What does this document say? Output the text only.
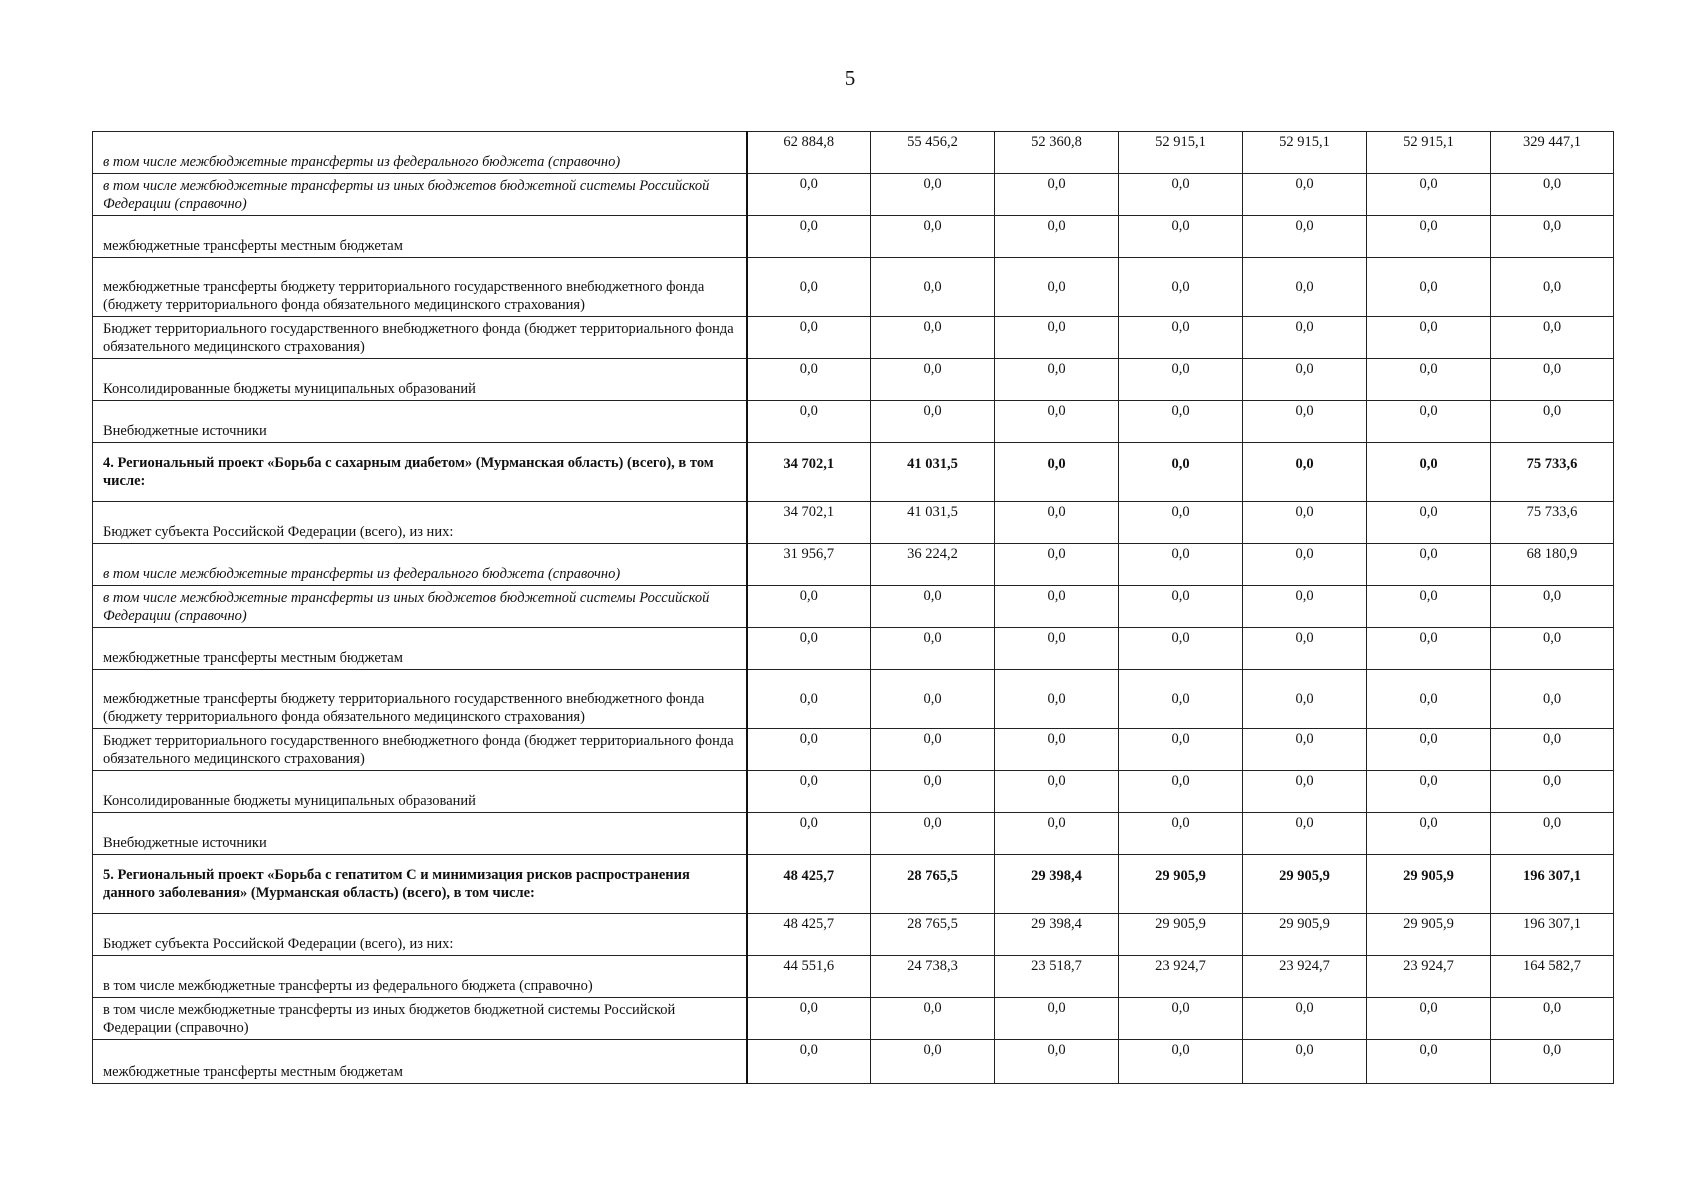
5
в том числе межбюджетные трансферты из федерального бюджета (справочно)	62 884,8	55 456,2	52 360,8	52 915,1	52 915,1	52 915,1	329 447,1
в том числе межбюджетные трансферты из иных бюджетов бюджетной системы Российской Федерации (справочно)	0,0	0,0	0,0	0,0	0,0	0,0	0,0
межбюджетные трансферты местным бюджетам	0,0	0,0	0,0	0,0	0,0	0,0	0,0
межбюджетные трансферты бюджету территориального государственного внебюджетного фонда (бюджету территориального фонда обязательного медицинского страхования)	0,0	0,0	0,0	0,0	0,0	0,0	0,0
Бюджет территориального государственного внебюджетного фонда (бюджет территориального фонда обязательного медицинского страхования)	0,0	0,0	0,0	0,0	0,0	0,0	0,0
Консолидированные бюджеты муниципальных образований	0,0	0,0	0,0	0,0	0,0	0,0	0,0
Внебюджетные источники	0,0	0,0	0,0	0,0	0,0	0,0	0,0
4. Региональный проект «Борьба с сахарным диабетом» (Мурманская область) (всего), в том числе:	34 702,1	41 031,5	0,0	0,0	0,0	0,0	75 733,6
Бюджет субъекта Российской Федерации (всего), из них:	34 702,1	41 031,5	0,0	0,0	0,0	0,0	75 733,6
в том числе межбюджетные трансферты из федерального бюджета (справочно)	31 956,7	36 224,2	0,0	0,0	0,0	0,0	68 180,9
в том числе межбюджетные трансферты из иных бюджетов бюджетной системы Российской Федерации (справочно)	0,0	0,0	0,0	0,0	0,0	0,0	0,0
межбюджетные трансферты местным бюджетам	0,0	0,0	0,0	0,0	0,0	0,0	0,0
межбюджетные трансферты бюджету территориального государственного внебюджетного фонда (бюджету территориального фонда обязательного медицинского страхования)	0,0	0,0	0,0	0,0	0,0	0,0	0,0
Бюджет территориального государственного внебюджетного фонда (бюджет территориального фонда обязательного медицинского страхования)	0,0	0,0	0,0	0,0	0,0	0,0	0,0
Консолидированные бюджеты муниципальных образований	0,0	0,0	0,0	0,0	0,0	0,0	0,0
Внебюджетные источники	0,0	0,0	0,0	0,0	0,0	0,0	0,0
5. Региональный проект «Борьба с гепатитом С и минимизация рисков распространения данного заболевания» (Мурманская область) (всего), в том числе:	48 425,7	28 765,5	29 398,4	29 905,9	29 905,9	29 905,9	196 307,1
Бюджет субъекта Российской Федерации (всего), из них:	48 425,7	28 765,5	29 398,4	29 905,9	29 905,9	29 905,9	196 307,1
в том числе межбюджетные трансферты из федерального бюджета (справочно)	44 551,6	24 738,3	23 518,7	23 924,7	23 924,7	23 924,7	164 582,7
в том числе межбюджетные трансферты из иных бюджетов бюджетной системы Российской Федерации (справочно)	0,0	0,0	0,0	0,0	0,0	0,0	0,0
межбюджетные трансферты местным бюджетам	0,0	0,0	0,0	0,0	0,0	0,0	0,0
